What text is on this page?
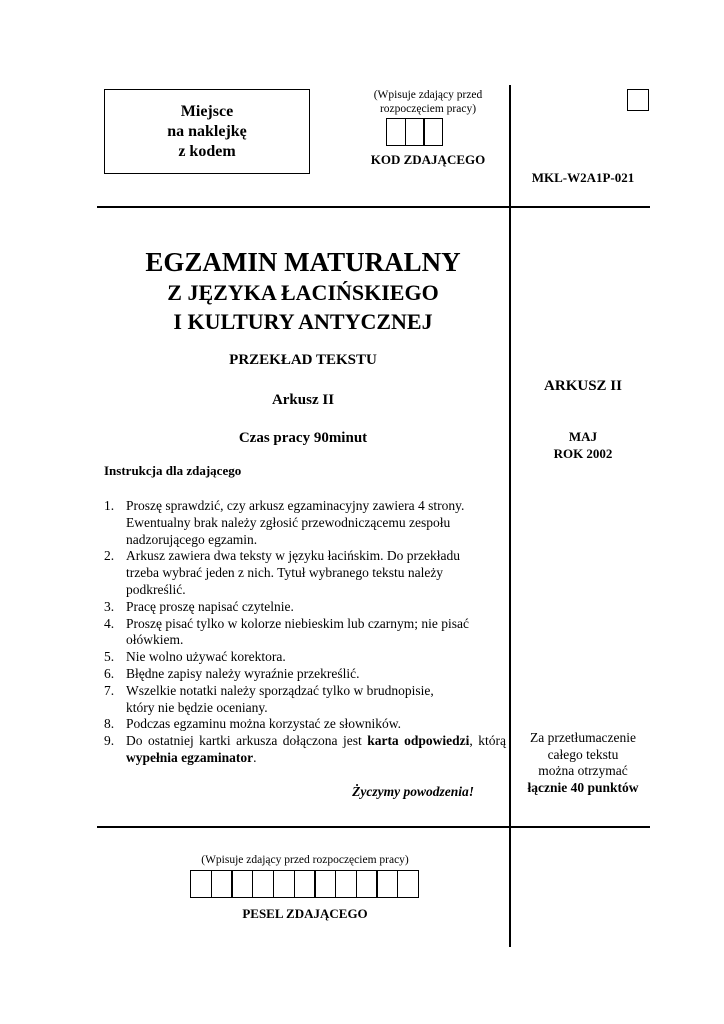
Miejsce
na naklejkę
z kodem
(Wpisuje zdający przed
rozpoczęciem pracy)
KOD ZDAJĄCEGO
MKL-W2A1P-021
EGZAMIN MATURALNY
Z JĘZYKA ŁACIŃSKIEGO
I KULTURY ANTYCZNEJ
PRZEKŁAD TEKSTU
Arkusz II
Czas pracy 90minut
Instrukcja dla zdającego
1. Proszę sprawdzić, czy arkusz egzaminacyjny zawiera 4 strony.
Ewentualny brak należy zgłosić przewodniczącemu zespołu
nadzorującego egzamin.
2. Arkusz zawiera dwa teksty w języku łacińskim. Do przekładu
trzeba wybrać jeden z nich. Tytuł wybranego tekstu należy
podkreślić.
3. Pracę proszę napisać czytelnie.
4. Proszę pisać tylko w kolorze niebieskim lub czarnym; nie pisać
ołówkiem.
5. Nie wolno używać korektora.
6. Błędne zapisy należy wyraźnie przekreślić.
7. Wszelkie notatki należy sporządzać tylko w brudnopisie,
który nie będzie oceniany.
8. Podczas egzaminu można korzystać ze słowników.
9. Do ostatniej kartki arkusza dołączona jest karta odpowiedzi, którą wypełnia egzaminator.
Życzymy powodzenia!
ARKUSZ II
MAJ
ROK 2002
Za przetłumaczenie
całego tekstu
można otrzymać
łącznie 40 punktów
(Wpisuje zdający przed rozpoczęciem pracy)
PESEL ZDAJĄCEGO
